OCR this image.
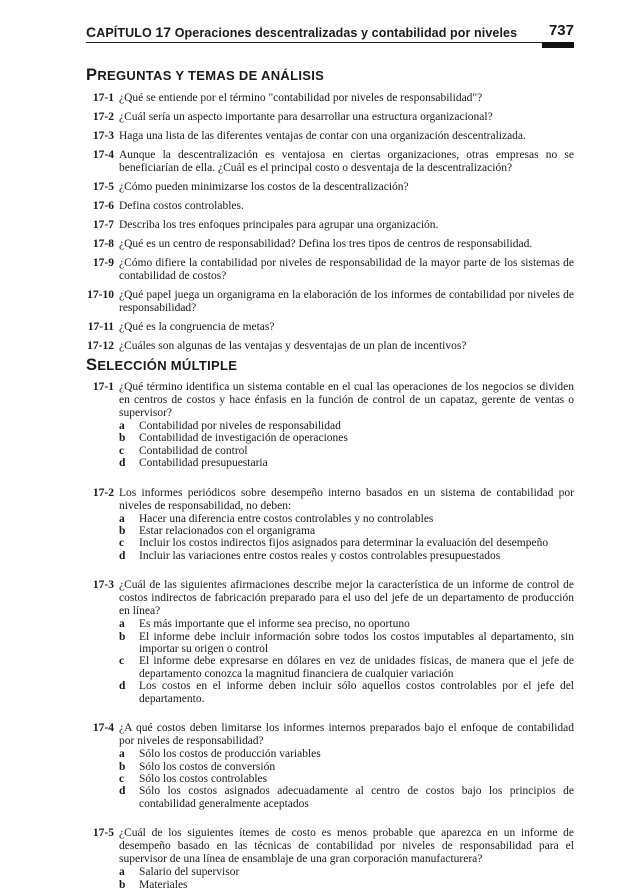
CAPÍTULO 17 Operaciones descentralizadas y contabilidad por niveles 737
PREGUNTAS Y TEMAS DE ANÁLISIS
17-1 ¿Qué se entiende por el término "contabilidad por niveles de responsabilidad"?
17-2 ¿Cuál sería un aspecto importante para desarrollar una estructura organizacional?
17-3 Haga una lista de las diferentes ventajas de contar con una organización descentralizada.
17-4 Aunque la descentralización es ventajosa en ciertas organizaciones, otras empresas no se beneficiarían de ella. ¿Cuál es el principal costo o desventaja de la descentralización?
17-5 ¿Cómo pueden minimizarse los costos de la descentralización?
17-6 Defina costos controlables.
17-7 Describa los tres enfoques principales para agrupar una organización.
17-8 ¿Qué es un centro de responsabilidad? Defina los tres tipos de centros de responsabilidad.
17-9 ¿Cómo difiere la contabilidad por niveles de responsabilidad de la mayor parte de los sistemas de contabilidad de costos?
17-10 ¿Qué papel juega un organigrama en la elaboración de los informes de contabilidad por niveles de responsabilidad?
17-11 ¿Qué es la congruencia de metas?
17-12 ¿Cuáles son algunas de las ventajas y desventajas de un plan de incentivos?
SELECCIÓN MÚLTIPLE
17-1 ¿Qué término identifica un sistema contable en el cual las operaciones de los negocios se dividen en centros de costos y hace énfasis en la función de control de un capataz, gerente de ventas o supervisor?
a Contabilidad por niveles de responsabilidad
b Contabilidad de investigación de operaciones
c Contabilidad de control
d Contabilidad presupuestaria
17-2 Los informes periódicos sobre desempeño interno basados en un sistema de contabilidad por niveles de responsabilidad, no deben:
a Hacer una diferencia entre costos controlables y no controlables
b Estar relacionados con el organigrama
c Incluir los costos indirectos fijos asignados para determinar la evaluación del desempeño
d Incluir las variaciones entre costos reales y costos controlables presupuestados
17-3 ¿Cuál de las siguientes afirmaciones describe mejor la característica de un informe de control de costos indirectos de fabricación preparado para el uso del jefe de un departamento de producción en línea?
a Es más importante que el informe sea preciso, no oportuno
b El informe debe incluir información sobre todos los costos imputables al departamento, sin importar su origen o control
c El informe debe expresarse en dólares en vez de unidades físicas, de manera que el jefe de departamento conozca la magnitud financiera de cualquier variación
d Los costos en el informe deben incluir sólo aquellos costos controlables por el jefe del departamento.
17-4 ¿A qué costos deben limitarse los informes internos preparados bajo el enfoque de contabilidad por niveles de responsabilidad?
a Sólo los costos de producción variables
b Sólo los costos de conversión
c Sólo los costos controlables
d Sólo los costos asignados adecuadamente al centro de costos bajo los principios de contabilidad generalmente aceptados
17-5 ¿Cuál de los siguientes ítemes de costo es menos probable que aparezca en un informe de desempeño basado en las técnicas de contabilidad por niveles de responsabilidad para el supervisor de una línea de ensamblaje de una gran corporación manufacturera?
a Salario del supervisor
b Materiales
